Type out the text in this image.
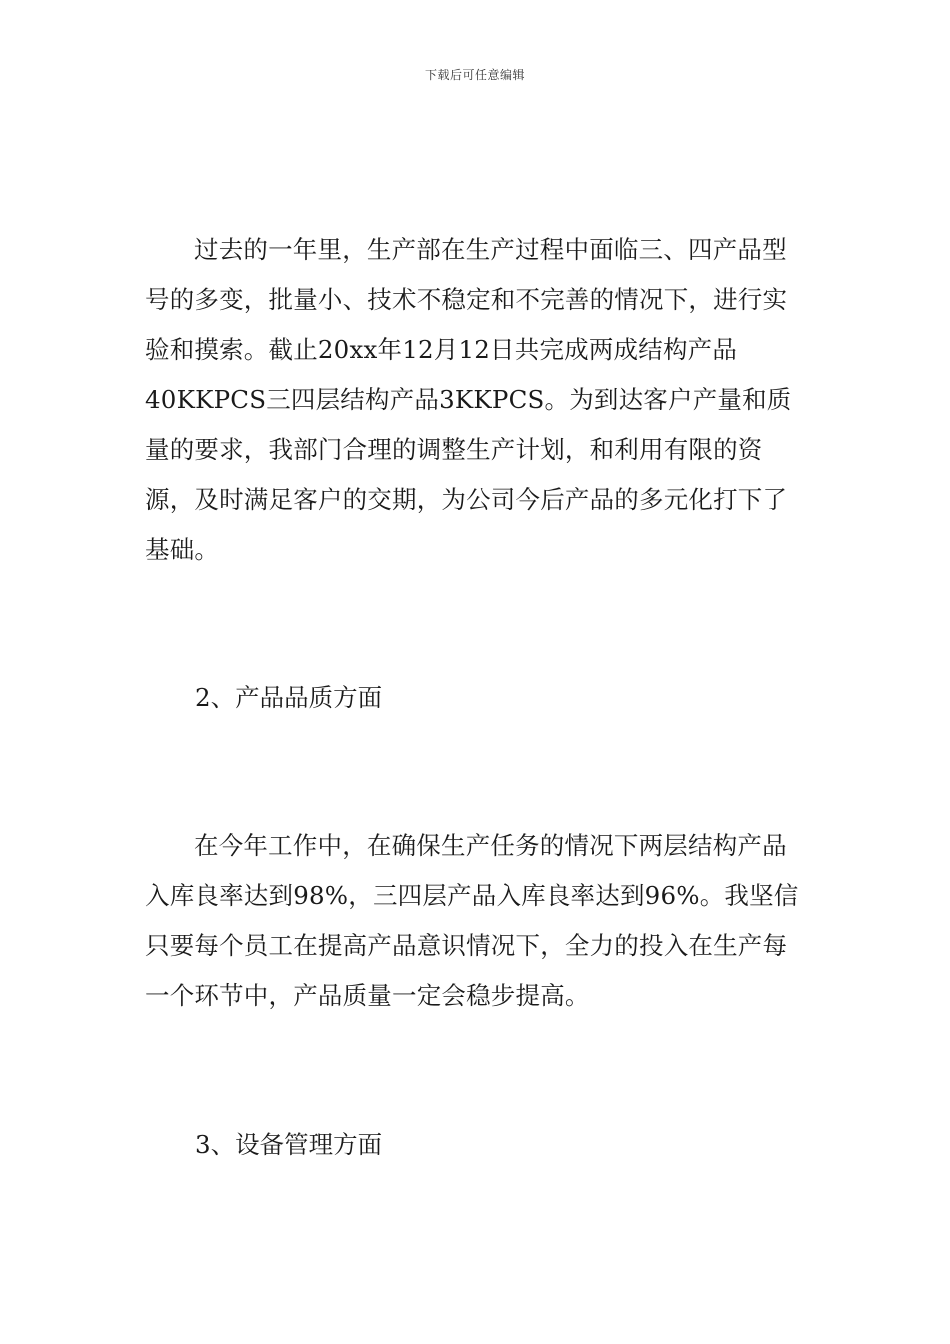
下载后可任意编辑

过去的一年里，生产部在生产过程中面临三、四产品型号的多变，批量小、技术不稳定和不完善的情况下，进行实验和摸索。截止20xx年12月12日共完成两成结构产品40KKPCS三四层结构产品3KKPCS。为到达客户产量和质量的要求，我部门合理的调整生产计划，和利用有限的资源，及时满足客户的交期，为公司今后产品的多元化打下了基础。

2、产品品质方面

在今年工作中，在确保生产任务的情况下两层结构产品入库良率达到98%，三四层产品入库良率达到96%。我坚信只要每个员工在提高产品意识情况下，全力的投入在生产每一个环节中，产品质量一定会稳步提高。

3、设备管理方面
